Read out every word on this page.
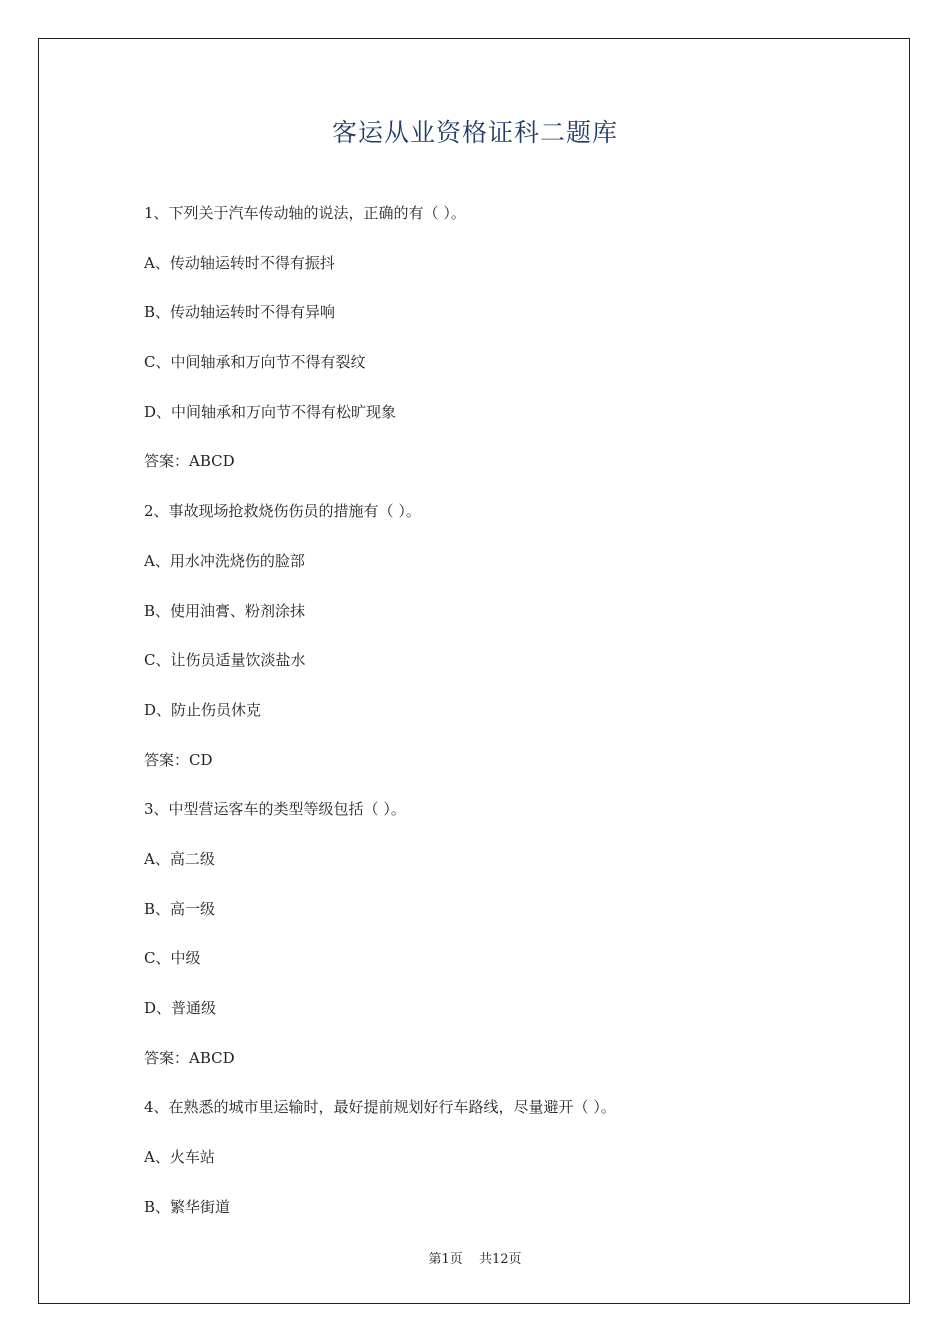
客运从业资格证科二题库
1、下列关于汽车传动轴的说法，正确的有（ ）。
A、传动轴运转时不得有振抖
B、传动轴运转时不得有异响
C、中间轴承和万向节不得有裂纹
D、中间轴承和万向节不得有松旷现象
答案：ABCD
2、事故现场抢救烧伤伤员的措施有（ ）。
A、用水冲洗烧伤的脸部
B、使用油膏、粉剂涂抹
C、让伤员适量饮淡盐水
D、防止伤员休克
答案：CD
3、中型营运客车的类型等级包括（ ）。
A、高二级
B、高一级
C、中级
D、普通级
答案：ABCD
4、在熟悉的城市里运输时，最好提前规划好行车路线，尽量避开（ ）。
A、火车站
B、繁华街道
第1页 共12页
